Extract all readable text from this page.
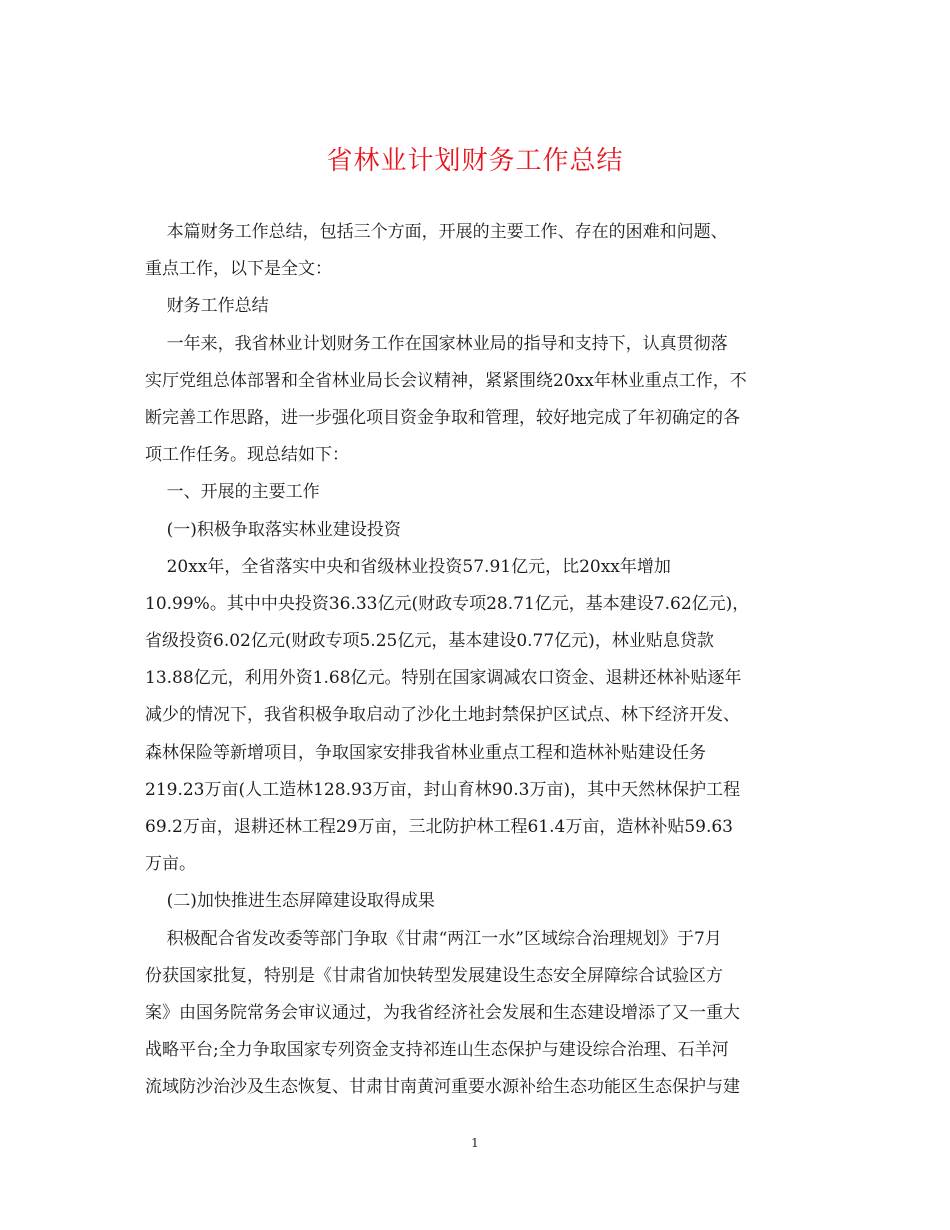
省林业计划财务工作总结
本篇财务工作总结，包括三个方面，开展的主要工作、存在的困难和问题、
重点工作，以下是全文：
财务工作总结
一年来，我省林业计划财务工作在国家林业局的指导和支持下，认真贯彻落
实厅党组总体部署和全省林业局长会议精神，紧紧围绕20xx年林业重点工作，不
断完善工作思路，进一步强化项目资金争取和管理，较好地完成了年初确定的各
项工作任务。现总结如下：
一、开展的主要工作
(一)积极争取落实林业建设投资
20xx年，全省落实中央和省级林业投资57.91亿元，比20xx年增加
10.99%。其中中央投资36.33亿元(财政专项28.71亿元，基本建设7.62亿元)，
省级投资6.02亿元(财政专项5.25亿元，基本建设0.77亿元)，林业贴息贷款
13.88亿元，利用外资1.68亿元。特别在国家调减农口资金、退耕还林补贴逐年
减少的情况下，我省积极争取启动了沙化土地封禁保护区试点、林下经济开发、
森林保险等新增项目，争取国家安排我省林业重点工程和造林补贴建设任务
219.23万亩(人工造林128.93万亩，封山育林90.3万亩)，其中天然林保护工程
69.2万亩，退耕还林工程29万亩，三北防护林工程61.4万亩，造林补贴59.63
万亩。
(二)加快推进生态屏障建设取得成果
积极配合省发改委等部门争取《甘肃“两江一水”区域综合治理规划》于7月
份获国家批复，特别是《甘肃省加快转型发展建设生态安全屏障综合试验区方
案》由国务院常务会审议通过，为我省经济社会发展和生态建设增添了又一重大
战略平台;全力争取国家专列资金支持祁连山生态保护与建设综合治理、石羊河
流域防沙治沙及生态恢复、甘肃甘南黄河重要水源补给生态功能区生态保护与建
1
